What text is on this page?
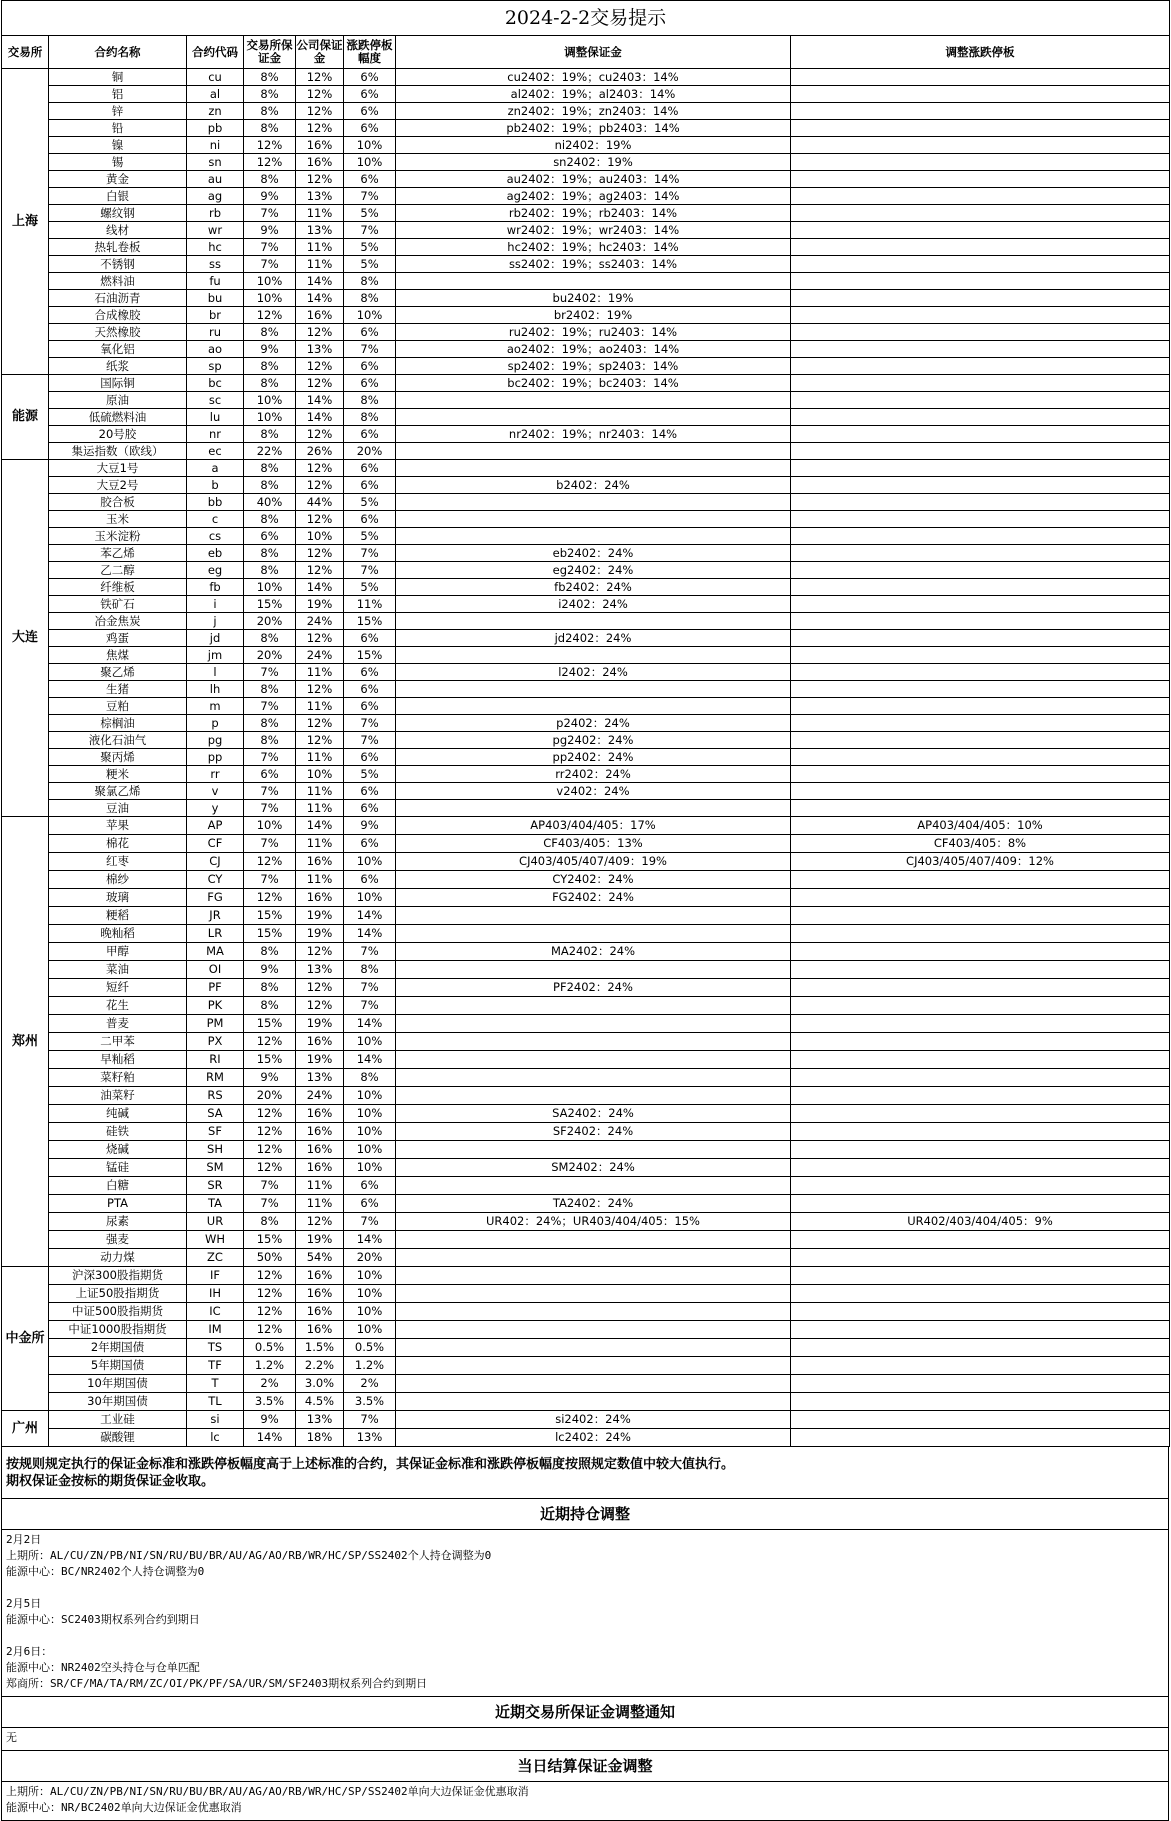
2024-2-2交易提示							
交易所	合约名称	合约代码	交易所保证金	公司保证金	涨跌停板幅度	调整保证金	调整涨跌停板
上海	铜	cu	8%	12%	6%	cu2402：19%；cu2403：14%	
	铝	al	8%	12%	6%	al2402：19%；al2403：14%	
	锌	zn	8%	12%	6%	zn2402：19%；zn2403：14%	
	铅	pb	8%	12%	6%	pb2402：19%；pb2403：14%	
	镍	ni	12%	16%	10%	ni2402：19%	
	锡	sn	12%	16%	10%	sn2402：19%	
	黄金	au	8%	12%	6%	au2402：19%；au2403：14%	
	白银	ag	9%	13%	7%	ag2402：19%；ag2403：14%	
	螺纹钢	rb	7%	11%	5%	rb2402：19%；rb2403：14%	
	线材	wr	9%	13%	7%	wr2402：19%；wr2403：14%	
	热轧卷板	hc	7%	11%	5%	hc2402：19%；hc2403：14%	
	不锈钢	ss	7%	11%	5%	ss2402：19%；ss2403：14%	
	燃料油	fu	10%	14%	8%		
	石油沥青	bu	10%	14%	8%	bu2402：19%	
	合成橡胶	br	12%	16%	10%	br2402：19%	
	天然橡胶	ru	8%	12%	6%	ru2402：19%；ru2403：14%	
	氧化铝	ao	9%	13%	7%	ao2402：19%；ao2403：14%	
	纸浆	sp	8%	12%	6%	sp2402：19%；sp2403：14%	
能源	国际铜	bc	8%	12%	6%	bc2402：19%；bc2403：14%	
	原油	sc	10%	14%	8%		
	低硫燃料油	lu	10%	14%	8%		
	20号胶	nr	8%	12%	6%	nr2402：19%；nr2403：14%	
	集运指数（欧线）	ec	22%	26%	20%		
大连	大豆1号	a	8%	12%	6%		
	大豆2号	b	8%	12%	6%	b2402：24%	
	胶合板	bb	40%	44%	5%		
	玉米	c	8%	12%	6%		
	玉米淀粉	cs	6%	10%	5%		
	苯乙烯	eb	8%	12%	7%	eb2402：24%	
	乙二醇	eg	8%	12%	7%	eg2402：24%	
	纤维板	fb	10%	14%	5%	fb2402：24%	
	铁矿石	i	15%	19%	11%	i2402：24%	
	冶金焦炭	j	20%	24%	15%		
	鸡蛋	jd	8%	12%	6%	jd2402：24%	
	焦煤	jm	20%	24%	15%		
	聚乙烯	l	7%	11%	6%	l2402：24%	
	生猪	lh	8%	12%	6%		
	豆粕	m	7%	11%	6%		
	棕榈油	p	8%	12%	7%	p2402：24%	
	液化石油气	pg	8%	12%	7%	pg2402：24%	
	聚丙烯	pp	7%	11%	6%	pp2402：24%	
	粳米	rr	6%	10%	5%	rr2402：24%	
	聚氯乙烯	v	7%	11%	6%	v2402：24%	
	豆油	y	7%	11%	6%		
郑州	苹果	AP	10%	14%	9%	AP403/404/405：17%	AP403/404/405：10%
	棉花	CF	7%	11%	6%	CF403/405：13%	CF403/405：8%
	红枣	CJ	12%	16%	10%	CJ403/405/407/409：19%	CJ403/405/407/409：12%
	棉纱	CY	7%	11%	6%	CY2402：24%	
	玻璃	FG	12%	16%	10%	FG2402：24%	
	粳稻	JR	15%	19%	14%		
	晚籼稻	LR	15%	19%	14%		
	甲醇	MA	8%	12%	7%	MA2402：24%	
	菜油	OI	9%	13%	8%		
	短纤	PF	8%	12%	7%	PF2402：24%	
	花生	PK	8%	12%	7%		
	普麦	PM	15%	19%	14%		
	二甲苯	PX	12%	16%	10%		
	早籼稻	RI	15%	19%	14%		
	菜籽粕	RM	9%	13%	8%		
	油菜籽	RS	20%	24%	10%		
	纯碱	SA	12%	16%	10%	SA2402：24%	
	硅铁	SF	12%	16%	10%	SF2402：24%	
	烧碱	SH	12%	16%	10%		
	锰硅	SM	12%	16%	10%	SM2402：24%	
	白糖	SR	7%	11%	6%		
	PTA	TA	7%	11%	6%	TA2402：24%	
	尿素	UR	8%	12%	7%	UR402：24%；UR403/404/405：15%	UR402/403/404/405：9%
	强麦	WH	15%	19%	14%		
	动力煤	ZC	50%	54%	20%		
中金所	沪深300股指期货	IF	12%	16%	10%		
	上证50股指期货	IH	12%	16%	10%		
	中证500股指期货	IC	12%	16%	10%		
	中证1000股指期货	IM	12%	16%	10%		
	2年期国债	TS	0.5%	1.5%	0.5%		
	5年期国债	TF	1.2%	2.2%	1.2%		
	10年期国债	T	2%	3.0%	2%		
	30年期国债	TL	3.5%	4.5%	3.5%		
广州	工业硅	si	9%	13%	7%	si2402：24%	
	碳酸锂	lc	14%	18%	13%	lc2402：24%	
按规则规定执行的保证金标准和涨跌停板幅度高于上述标准的合约，其保证金标准和涨跌停板幅度按照规定数值中较大值执行。
期权保证金按标的期货保证金收取。
近期持仓调整
2月2日
上期所：AL/CU/ZN/PB/NI/SN/RU/BU/BR/AU/AG/AO/RB/WR/HC/SP/SS2402个人持仓调整为0
能源中心：BC/NR2402个人持仓调整为0
2月5日
能源中心：SC2403期权系列合约到期日
2月6日：
能源中心：NR2402空头持仓与仓单匹配
郑商所：SR/CF/MA/TA/RM/ZC/OI/PK/PF/SA/UR/SM/SF2403期权系列合约到期日
近期交易所保证金调整通知
无
当日结算保证金调整
上期所：AL/CU/ZN/PB/NI/SN/RU/BU/BR/AU/AG/AO/RB/WR/HC/SP/SS2402单向大边保证金优惠取消
能源中心：NR/BC2402单向大边保证金优惠取消
